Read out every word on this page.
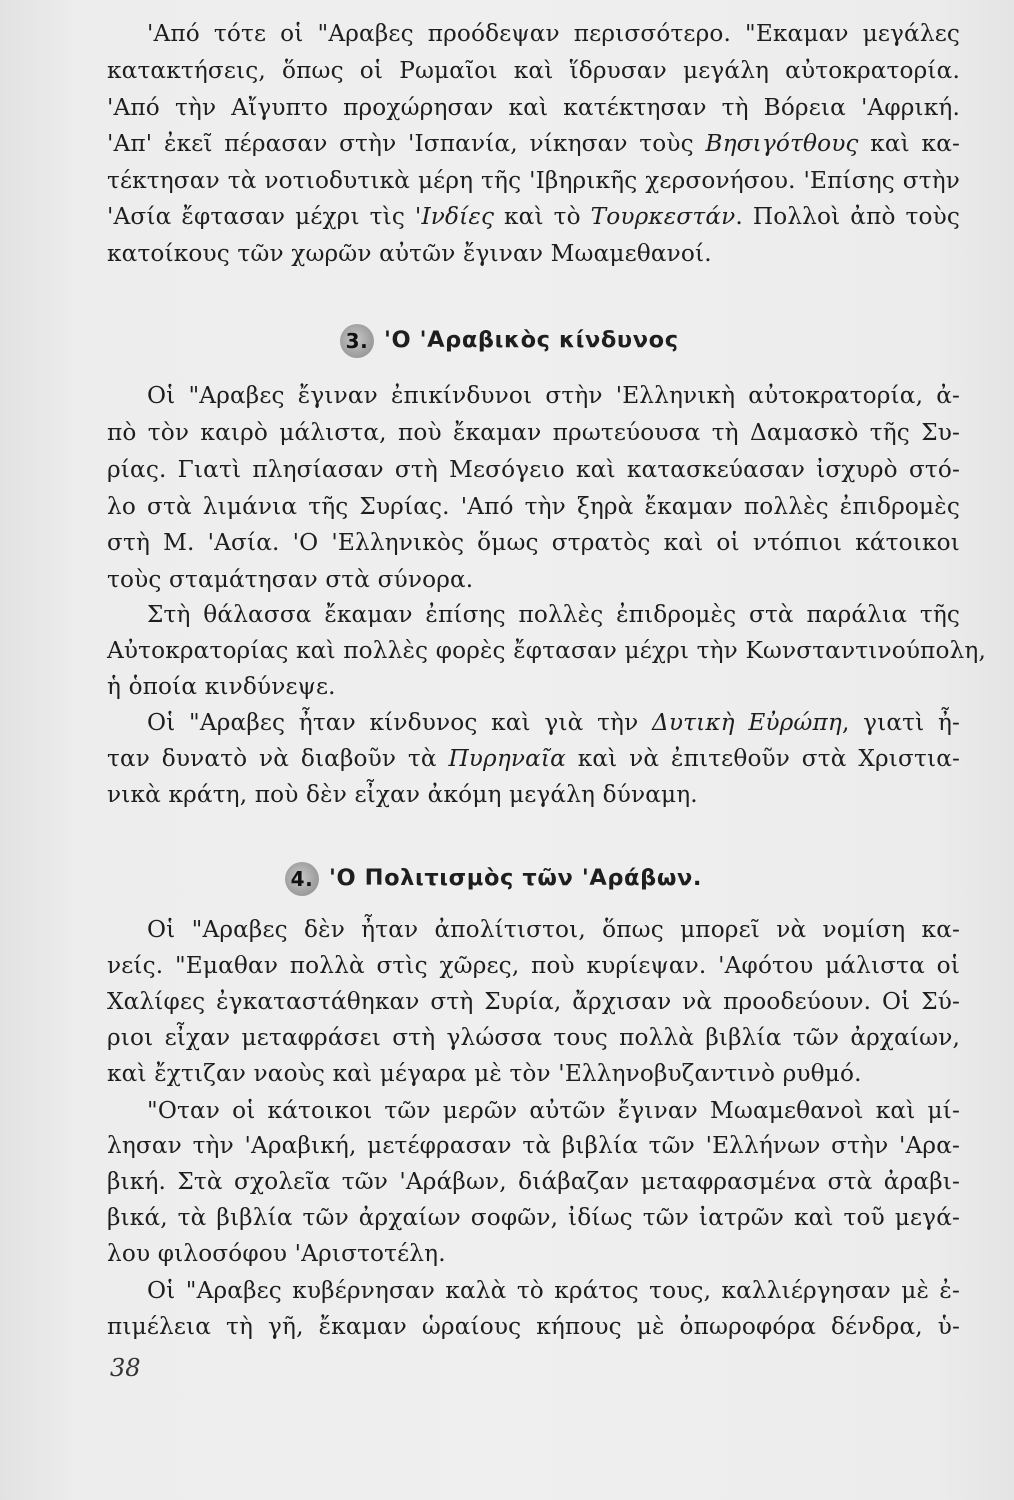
'Από τότε οἱ "Αραβες προόδεψαν περισσότερο. "Εκαμαν μεγάλες
κατακτήσεις, ὅπως οἱ Ρωμαῖοι καὶ ἵδρυσαν μεγάλη αὐτοκρατορία.
'Από τὴν Αἴγυπτο προχώρησαν καὶ κατέκτησαν τὴ Βόρεια 'Αφρική.
'Απ' ἐκεῖ πέρασαν στὴν 'Ισπανία, νίκησαν τοὺς Βησιγότθους καὶ κα-
τέκτησαν τὰ νοτιοδυτικὰ μέρη τῆς 'Ιβηρικῆς χερσονήσου. 'Επίσης στὴν
'Ασία ἔφτασαν μέχρι τὶς 'Ινδίες καὶ τὸ Τουρκεστάν. Πολλοὶ ἀπὸ τοὺς
κατοίκους τῶν χωρῶν αὐτῶν ἔγιναν Μωαμεθανοί.
3. 'Ο 'Αραβικὸς κίνδυνος
Οἱ "Αραβες ἔγιναν ἐπικίνδυνοι στὴν 'Ελληνικὴ αὐτοκρατορία, ἀ-
πὸ τὸν καιρὸ μάλιστα, ποὺ ἔκαμαν πρωτεύουσα τὴ Δαμασκὸ τῆς Συ-
ρίας. Γιατὶ πλησίασαν στὴ Μεσόγειο καὶ κατασκεύασαν ἰσχυρὸ στό-
λο στὰ λιμάνια τῆς Συρίας. 'Από τὴν ξηρὰ ἔκαμαν πολλὲς ἐπιδρομὲς
στὴ Μ. 'Ασία. 'Ο 'Ελληνικὸς ὅμως στρατὸς καὶ οἱ ντόπιοι κάτοικοι
τοὺς σταμάτησαν στὰ σύνορα.
Στὴ θάλασσα ἔκαμαν ἐπίσης πολλὲς ἐπιδρομὲς στὰ παράλια τῆς
Αὐτοκρατορίας καὶ πολλὲς φορὲς ἔφτασαν μέχρι τὴν Κωνσταντινούπολη,
ἡ ὁποία κινδύνεψε.
Οἱ "Αραβες ἦταν κίνδυνος καὶ γιὰ τὴν Δυτικὴ Εὐρώπη, γιατὶ ἦ-
ταν δυνατὸ νὰ διαβοῦν τὰ Πυρηναῖα καὶ νὰ ἐπιτεθοῦν στὰ Χριστια-
νικὰ κράτη, ποὺ δὲν εἶχαν ἀκόμη μεγάλη δύναμη.
4. 'Ο Πολιτισμὸς τῶν 'Αράβων.
Οἱ "Αραβες δὲν ἦταν ἀπολίτιστοι, ὅπως μπορεῖ νὰ νομίση κα-
νείς. "Εμαθαν πολλὰ στὶς χῶρες, ποὺ κυρίεψαν. 'Αφότου μάλιστα οἱ
Χαλίφες ἐγκαταστάθηκαν στὴ Συρία, ἄρχισαν νὰ προοδεύουν. Οἱ Σύ-
ριοι εἶχαν μεταφράσει στὴ γλώσσα τους πολλὰ βιβλία τῶν ἀρχαίων,
καὶ ἔχτιζαν ναοὺς καὶ μέγαρα μὲ τὸν 'Ελληνοβυζαντινὸ ρυθμό.
"Οταν οἱ κάτοικοι τῶν μερῶν αὐτῶν ἔγιναν Μωαμεθανοὶ καὶ μί-
λησαν τὴν 'Αραβική, μετέφρασαν τὰ βιβλία τῶν 'Ελλήνων στὴν 'Αρα-
βική. Στὰ σχολεῖα τῶν 'Αράβων, διάβαζαν μεταφρασμένα στὰ ἀραβι-
βικά, τὰ βιβλία τῶν ἀρχαίων σοφῶν, ἰδίως τῶν ἰατρῶν καὶ τοῦ μεγά-
λου φιλοσόφου 'Αριστοτέλη.
Οἱ "Αραβες κυβέρνησαν καλὰ τὸ κράτος τους, καλλιέργησαν μὲ ἐ-
πιμέλεια τὴ γῆ, ἔκαμαν ὡραίους κήπους μὲ ὀπωροφόρα δένδρα, ὑ-
38
